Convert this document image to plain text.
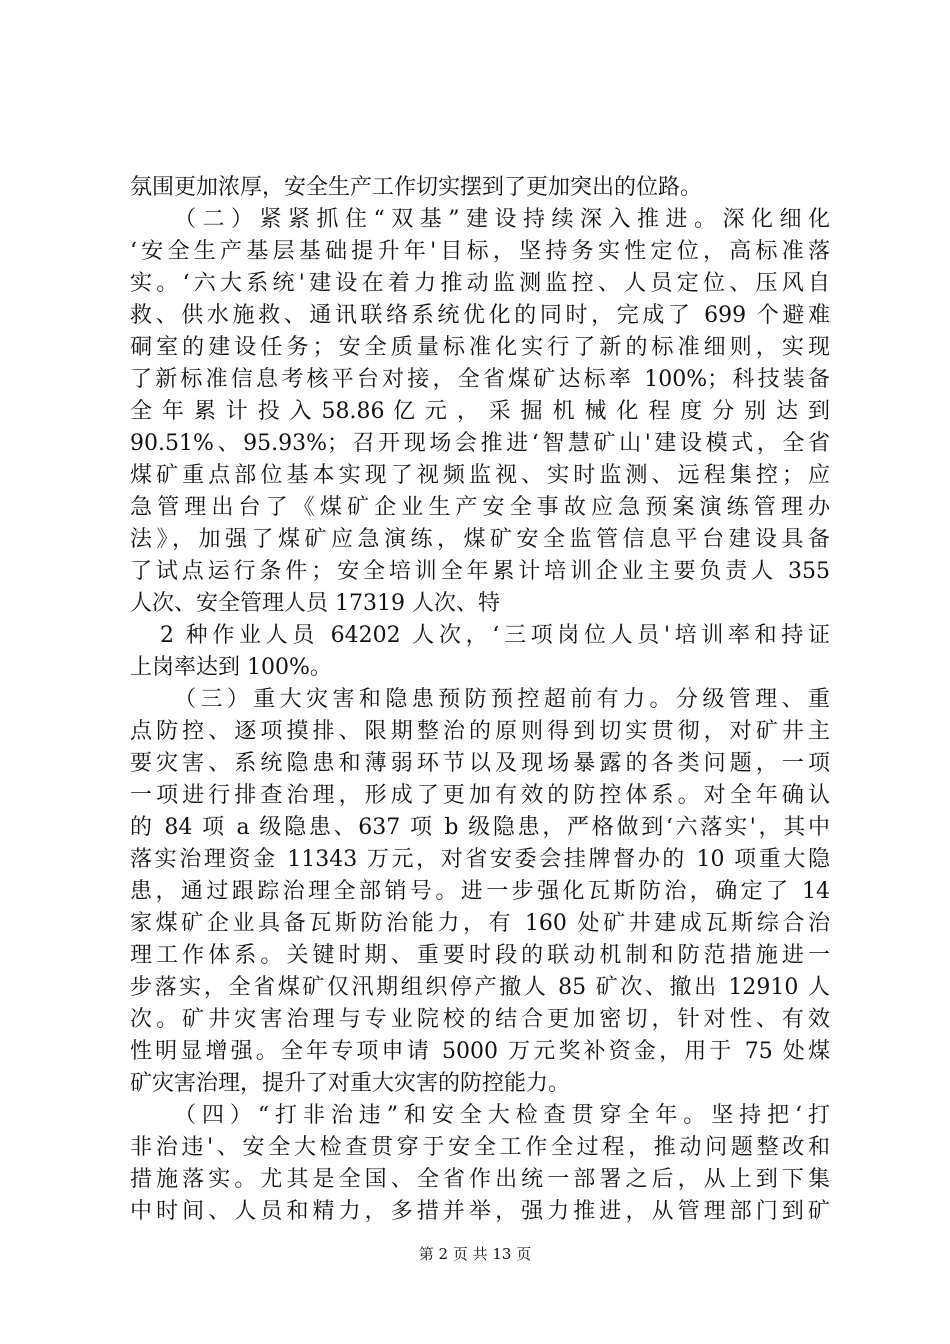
氛围更加浓厚，安全生产工作切实摆到了更加突出的位路。
（二）紧紧抓住“双基”建设持续深入推进。深化细化
‘安全生产基层基础提升年'目标，坚持务实性定位，高标准落
实。‘六大系统'建设在着力推动监测监控、人员定位、压风自
救、供水施救、通讯联络系统优化的同时，完成了 699 个避难
硐室的建设任务；安全质量标准化实行了新的标准细则，实现
了新标准信息考核平台对接，全省煤矿达标率 100%；科技装备
全 年 累 计 投 入 58.86 亿 元 ， 采 掘 机 械 化 程 度 分 别 达 到
90.51%、95.93%；召开现场会推进‘智慧矿山'建设模式，全省
煤矿重点部位基本实现了视频监视、实时监测、远程集控；应
急管理出台了《煤矿企业生产安全事故应急预案演练管理办
法》，加强了煤矿应急演练，煤矿安全监管信息平台建设具备
了试点运行条件；安全培训全年累计培训企业主要负责人 355
人次、安全管理人员 17319 人次、特
2 种作业人员 64202 人次，‘三项岗位人员'培训率和持证
上岗率达到 100%。
（三）重大灾害和隐患预防预控超前有力。分级管理、重
点防控、逐项摸排、限期整治的原则得到切实贯彻，对矿井主
要灾害、系统隐患和薄弱环节以及现场暴露的各类问题，一项
一项进行排查治理，形成了更加有效的防控体系。对全年确认
的 84 项 a 级隐患、637 项 b 级隐患，严格做到‘六落实'，其中
落实治理资金 11343 万元，对省安委会挂牌督办的 10 项重大隐
患，通过跟踪治理全部销号。进一步强化瓦斯防治，确定了 14
家煤矿企业具备瓦斯防治能力，有 160 处矿井建成瓦斯综合治
理工作体系。关键时期、重要时段的联动机制和防范措施进一
步落实，全省煤矿仅汛期组织停产撤人 85 矿次、撤出 12910 人
次。矿井灾害治理与专业院校的结合更加密切，针对性、有效
性明显增强。全年专项申请 5000 万元奖补资金，用于 75 处煤
矿灾害治理，提升了对重大灾害的防控能力。
（四）“打非治违”和安全大检查贯穿全年。坚持把‘打
非治违'、安全大检查贯穿于安全工作全过程，推动问题整改和
措施落实。尤其是全国、全省作出统一部署之后，从上到下集
中时间、人员和精力，多措并举，强力推进，从管理部门到矿
第 2 页 共 13 页
